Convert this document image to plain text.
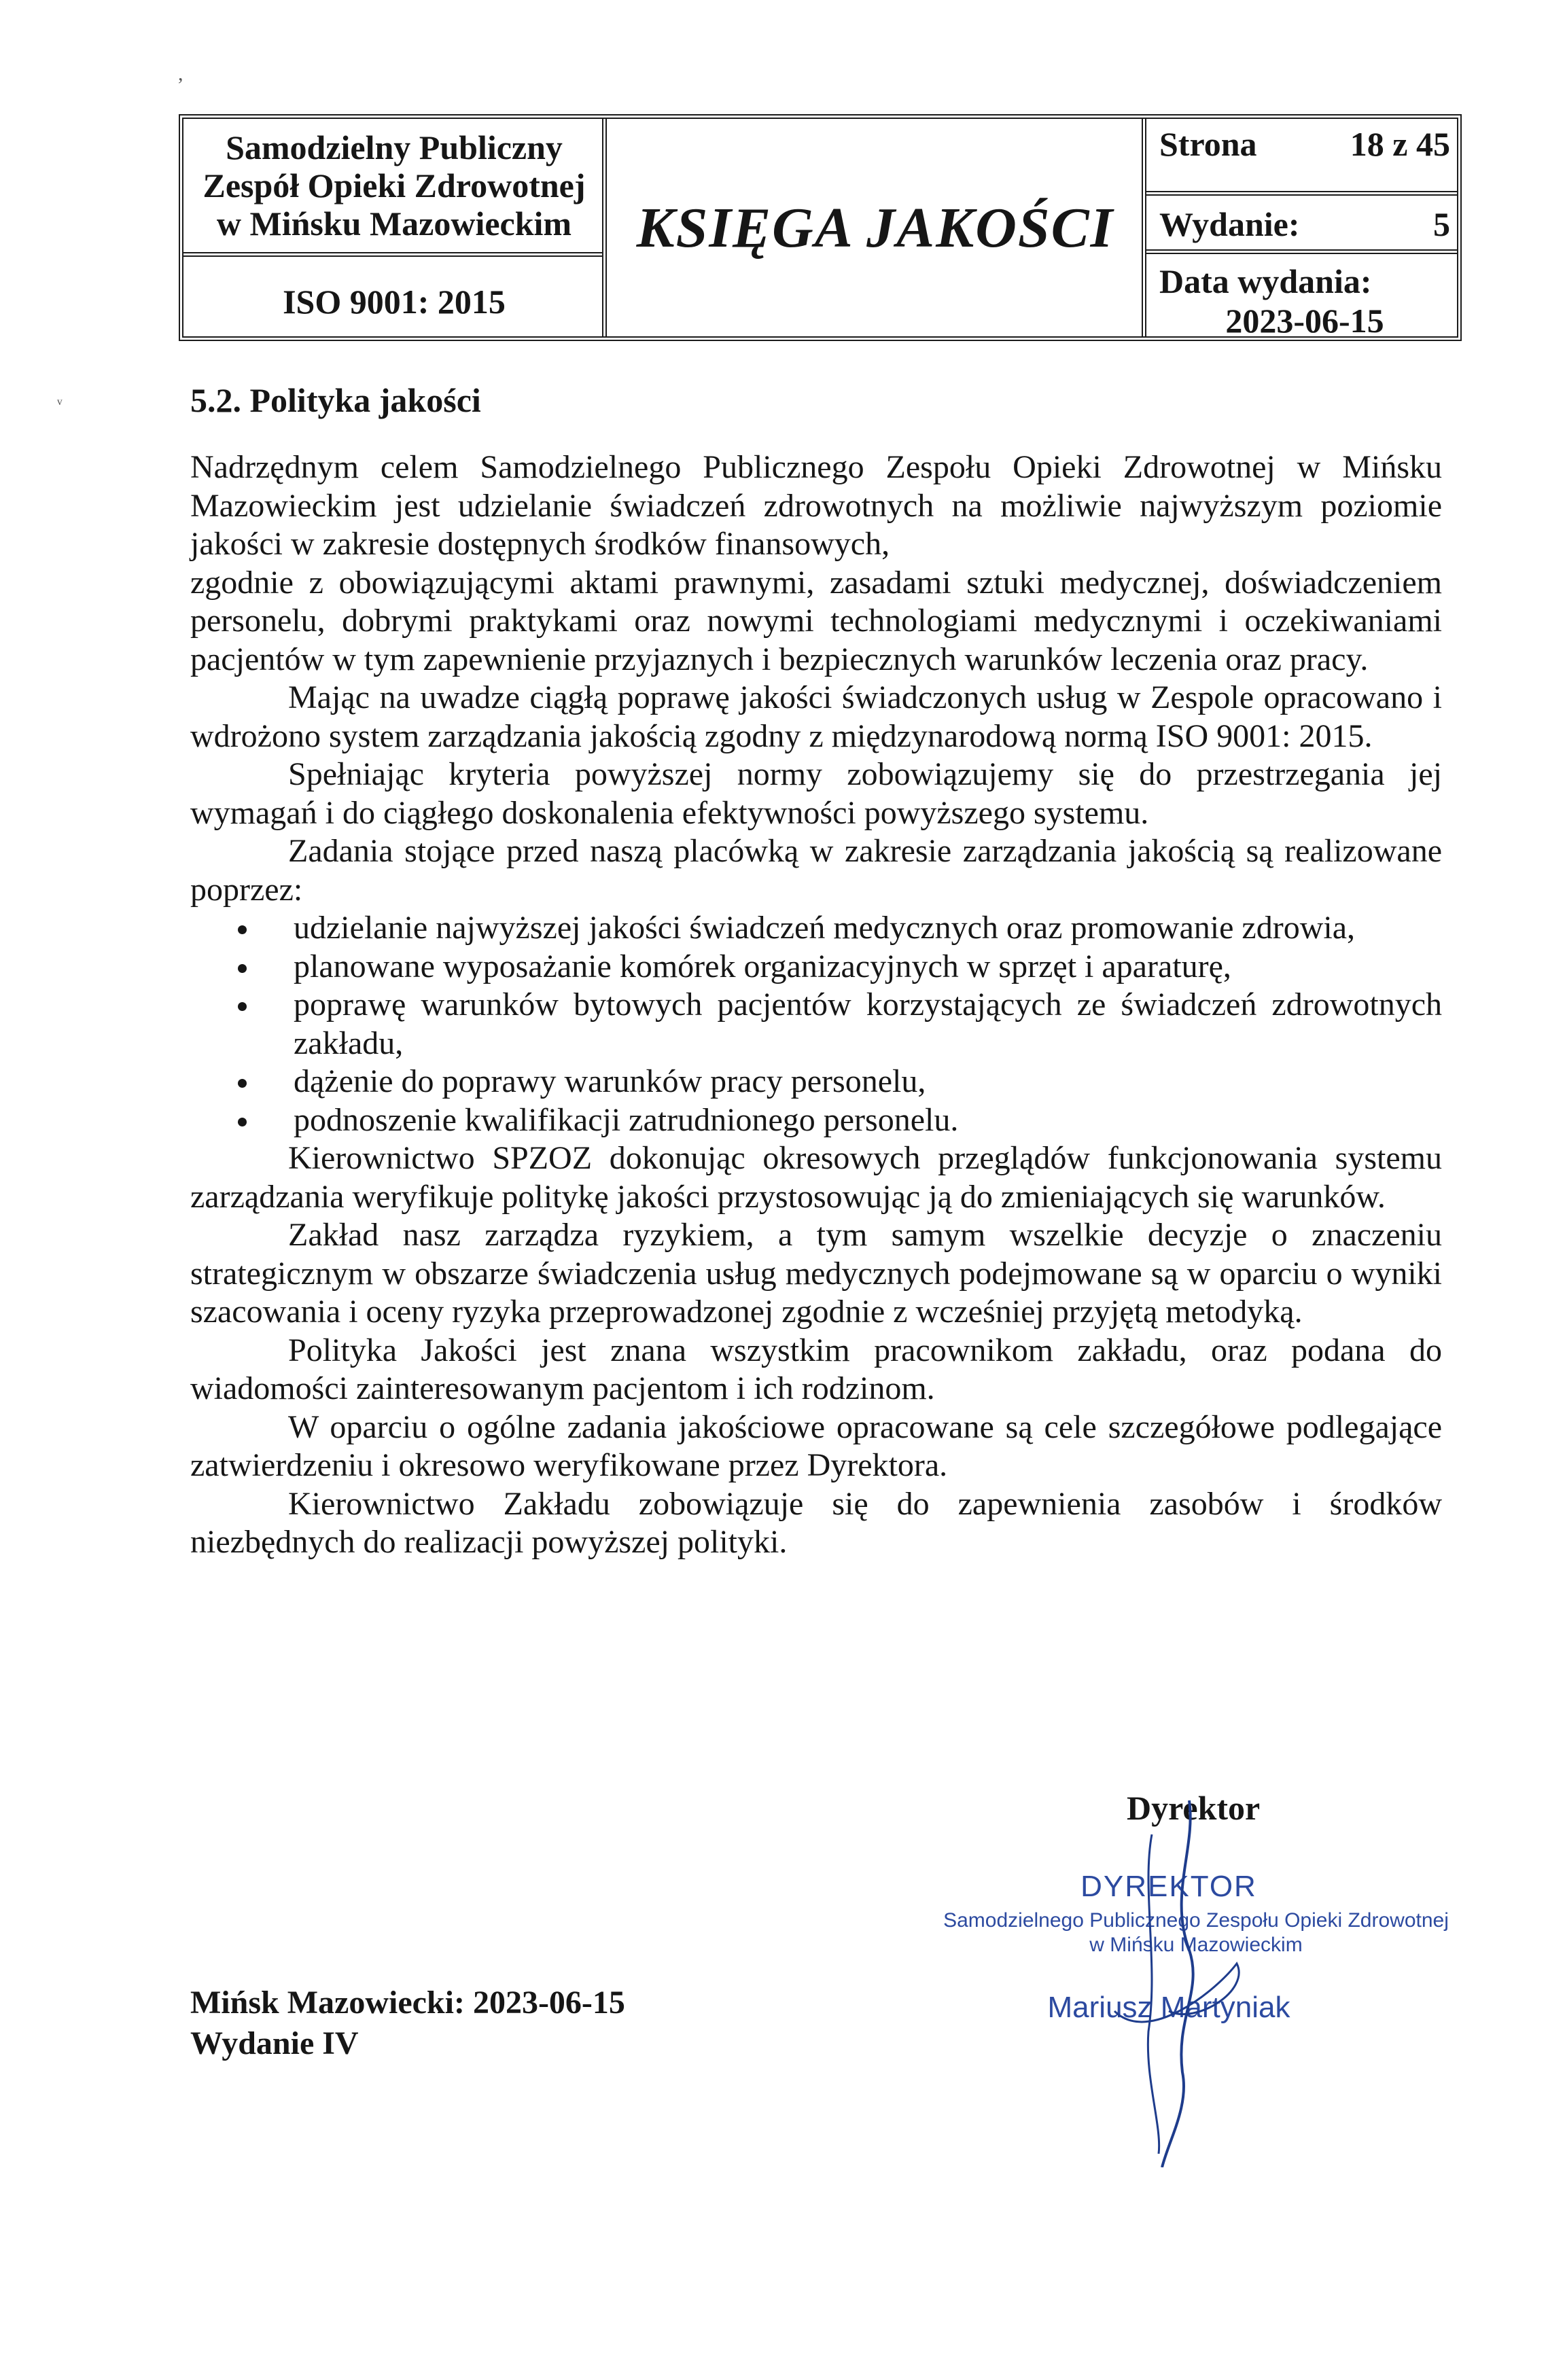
,
ᵛ
Samodzielny Publiczny
Zespół Opieki Zdrowotnej
w Mińsku Mazowieckim
ISO 9001: 2015
KSIĘGA JAKOŚCI
Strona	18 z 45
Wydanie:	5
Data wydania:
2023-06-15
5.2. Polityka jakości

Nadrzędnym celem Samodzielnego Publicznego Zespołu Opieki Zdrowotnej w Mińsku Mazowieckim jest udzielanie świadczeń zdrowotnych na możliwie najwyższym poziomie jakości w zakresie dostępnych środków finansowych,

zgodnie z obowiązującymi aktami prawnymi, zasadami sztuki medycznej, doświadczeniem personelu, dobrymi praktykami oraz nowymi technologiami medycznymi i oczekiwaniami pacjentów w tym zapewnienie przyjaznych i bezpiecznych warunków leczenia oraz pracy.

Mając na uwadze ciągłą poprawę jakości świadczonych usług w Zespole opracowano i wdrożono system zarządzania jakością zgodny z międzynarodową normą ISO 9001: 2015.

Spełniając kryteria powyższej normy zobowiązujemy się do przestrzegania jej wymagań i do ciągłego doskonalenia efektywności powyższego systemu.

Zadania stojące przed naszą placówką w zakresie zarządzania jakością są realizowane poprzez:

udzielanie najwyższej jakości świadczeń medycznych oraz promowanie zdrowia,
planowane wyposażanie komórek organizacyjnych w sprzęt i aparaturę,
poprawę warunków bytowych pacjentów korzystających ze świadczeń zdrowotnych zakładu,
dążenie do poprawy warunków pracy personelu,
podnoszenie kwalifikacji zatrudnionego personelu.

Kierownictwo SPZOZ dokonując okresowych przeglądów funkcjonowania systemu zarządzania weryfikuje politykę jakości przystosowując ją do zmieniających się warunków.

Zakład nasz zarządza ryzykiem, a tym samym wszelkie decyzje o znaczeniu strategicznym w obszarze świadczenia usług medycznych podejmowane są w oparciu o wyniki szacowania i oceny ryzyka przeprowadzonej zgodnie z wcześniej przyjętą metodyką.

Polityka Jakości jest znana wszystkim pracownikom zakładu, oraz podana do wiadomości zainteresowanym pacjentom i ich rodzinom.

W oparciu o ogólne zadania jakościowe opracowane są cele szczegółowe podlegające zatwierdzeniu i okresowo weryfikowane przez Dyrektora.

Kierownictwo Zakładu zobowiązuje się do zapewnienia zasobów i środków niezbędnych do realizacji powyższej polityki.

Dyrektor
DYREKTOR
Samodzielnego Publicznego Zespołu Opieki Zdrowotnej
w Mińsku Mazowieckim
Mariusz Martyniak
Mińsk Mazowiecki: 2023-06-15
Wydanie IV
